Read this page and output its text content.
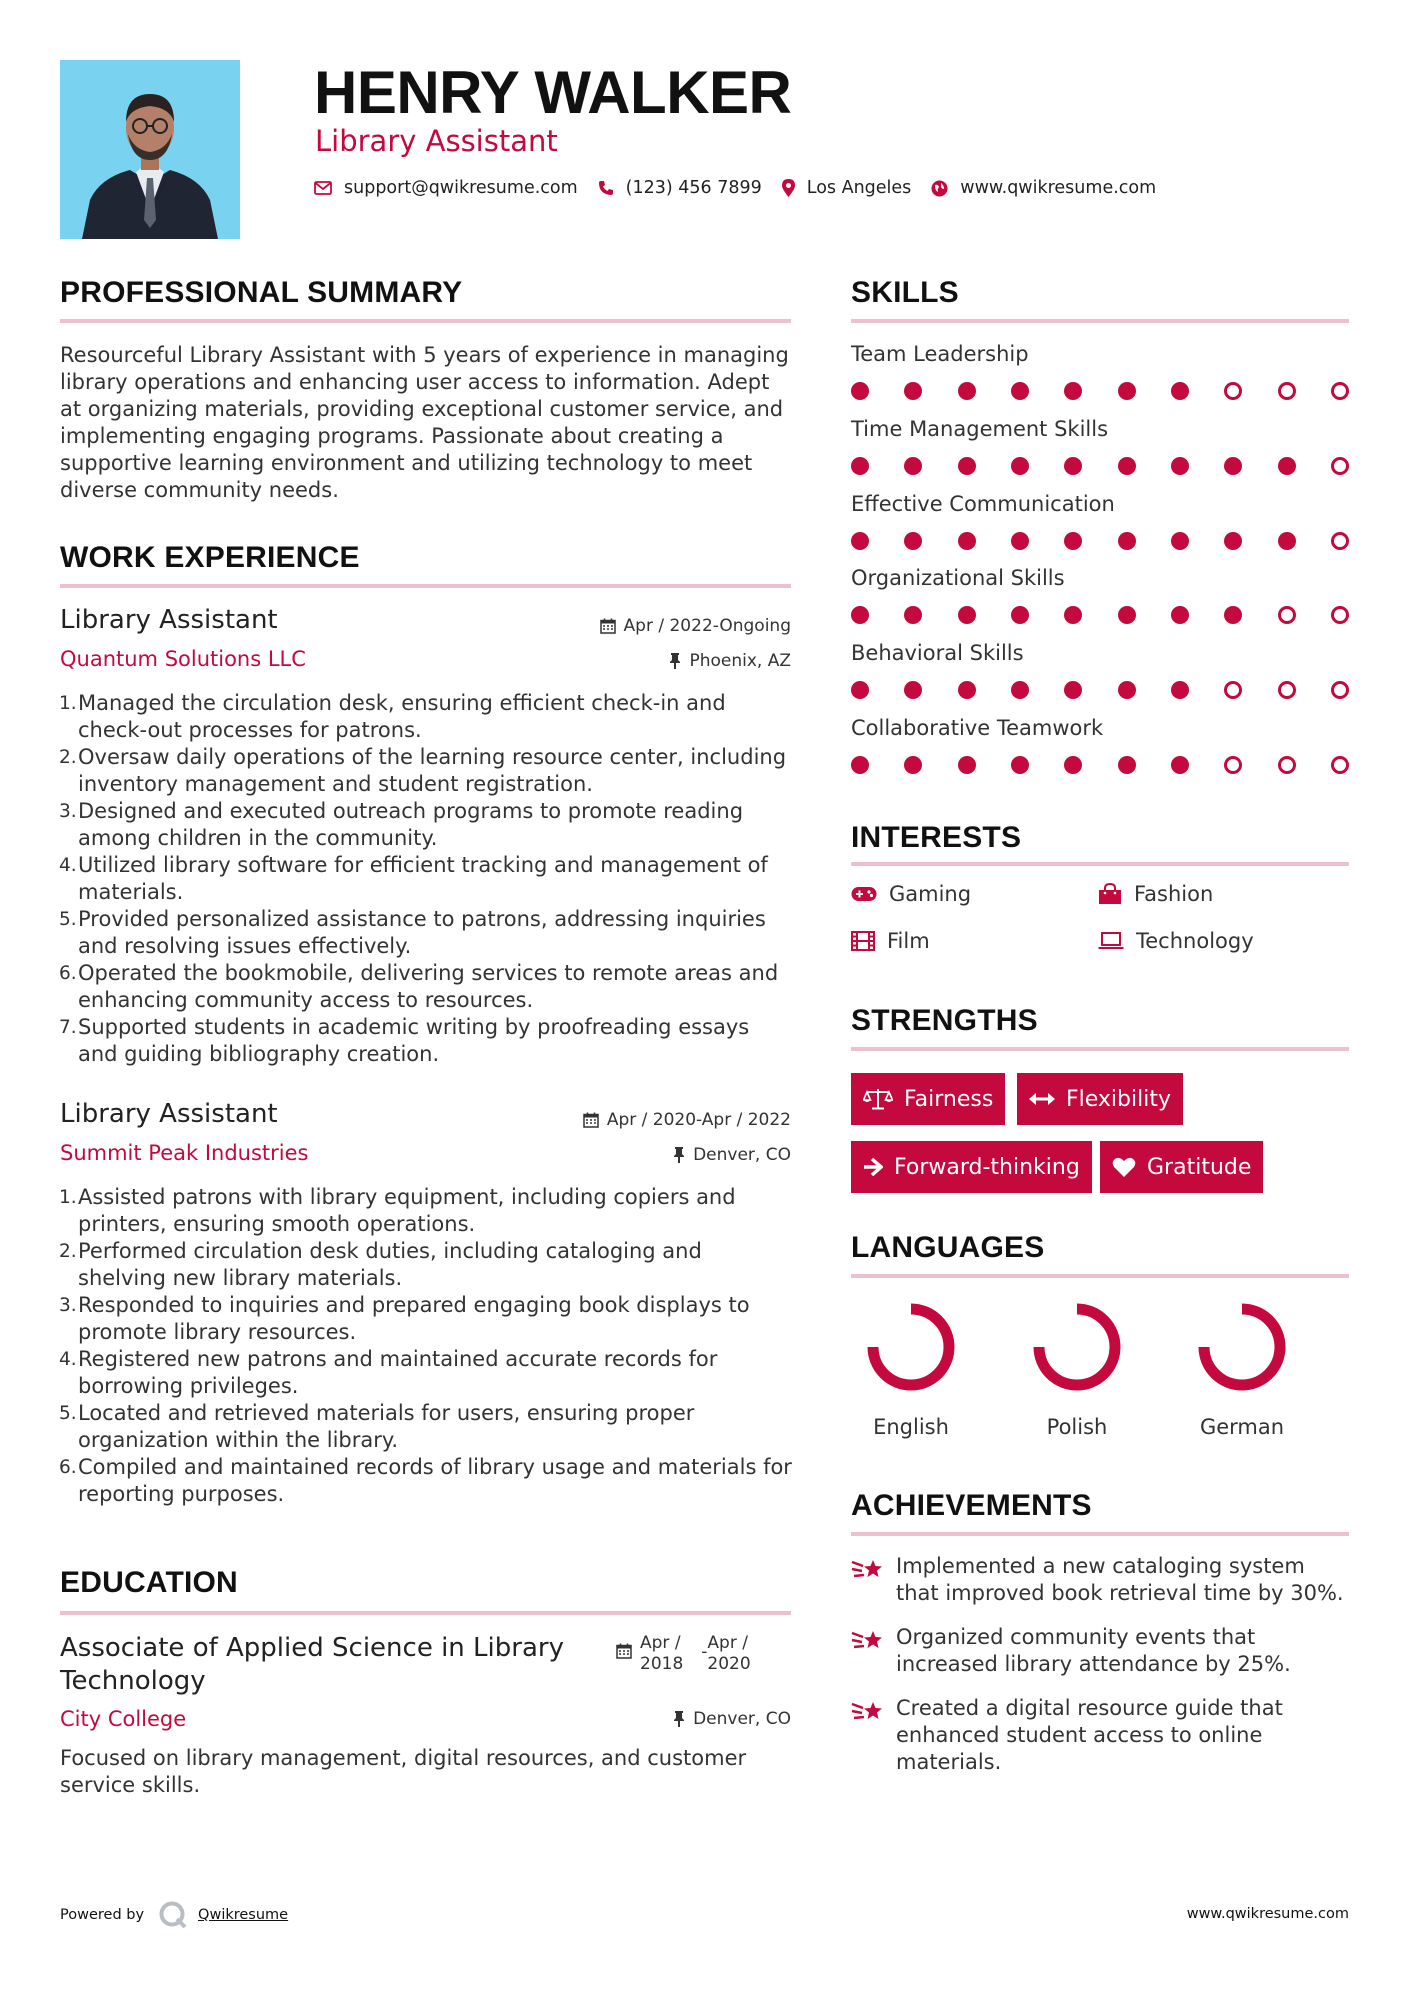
HENRY WALKER
Library Assistant
support@qwikresume.com	(123) 456 7899	Los Angeles	www.qwikresume.com
PROFESSIONAL SUMMARY
Resourceful Library Assistant with 5 years of experience in managing library operations and enhancing user access to information. Adept at organizing materials, providing exceptional customer service, and implementing engaging programs. Passionate about creating a supportive learning environment and utilizing technology to meet diverse community needs.
WORK EXPERIENCE
Library Assistant	Apr / 2022-Ongoing
Quantum Solutions LLC	Phoenix, AZ
Managed the circulation desk, ensuring efficient check-in and check-out processes for patrons.
Oversaw daily operations of the learning resource center, including inventory management and student registration.
Designed and executed outreach programs to promote reading among children in the community.
Utilized library software for efficient tracking and management of materials.
Provided personalized assistance to patrons, addressing inquiries and resolving issues effectively.
Operated the bookmobile, delivering services to remote areas and enhancing community access to resources.
Supported students in academic writing by proofreading essays and guiding bibliography creation.
Library Assistant	Apr / 2020-Apr / 2022
Summit Peak Industries	Denver, CO
Assisted patrons with library equipment, including copiers and printers, ensuring smooth operations.
Performed circulation desk duties, including cataloging and shelving new library materials.
Responded to inquiries and prepared engaging book displays to promote library resources.
Registered new patrons and maintained accurate records for borrowing privileges.
Located and retrieved materials for users, ensuring proper organization within the library.
Compiled and maintained records of library usage and materials for reporting purposes.
EDUCATION
Associate of Applied Science in Library Technology
Apr /
2018
- Apr /
2020
City College	Denver, CO
Focused on library management, digital resources, and customer service skills.
SKILLS
Team Leadership
Time Management Skills
Effective Communication
Organizational Skills
Behavioral Skills
Collaborative Teamwork
INTERESTS
Gaming	Fashion
Film	Technology
STRENGTHS
Fairness	Flexibility
Forward-thinking	Gratitude
LANGUAGES
English	Polish	German
ACHIEVEMENTS
Implemented a new cataloging system that improved book retrieval time by 30%.
Organized community events that increased library attendance by 25%.
Created a digital resource guide that enhanced student access to online materials.
Powered by	Qwikresume	www.qwikresume.com
